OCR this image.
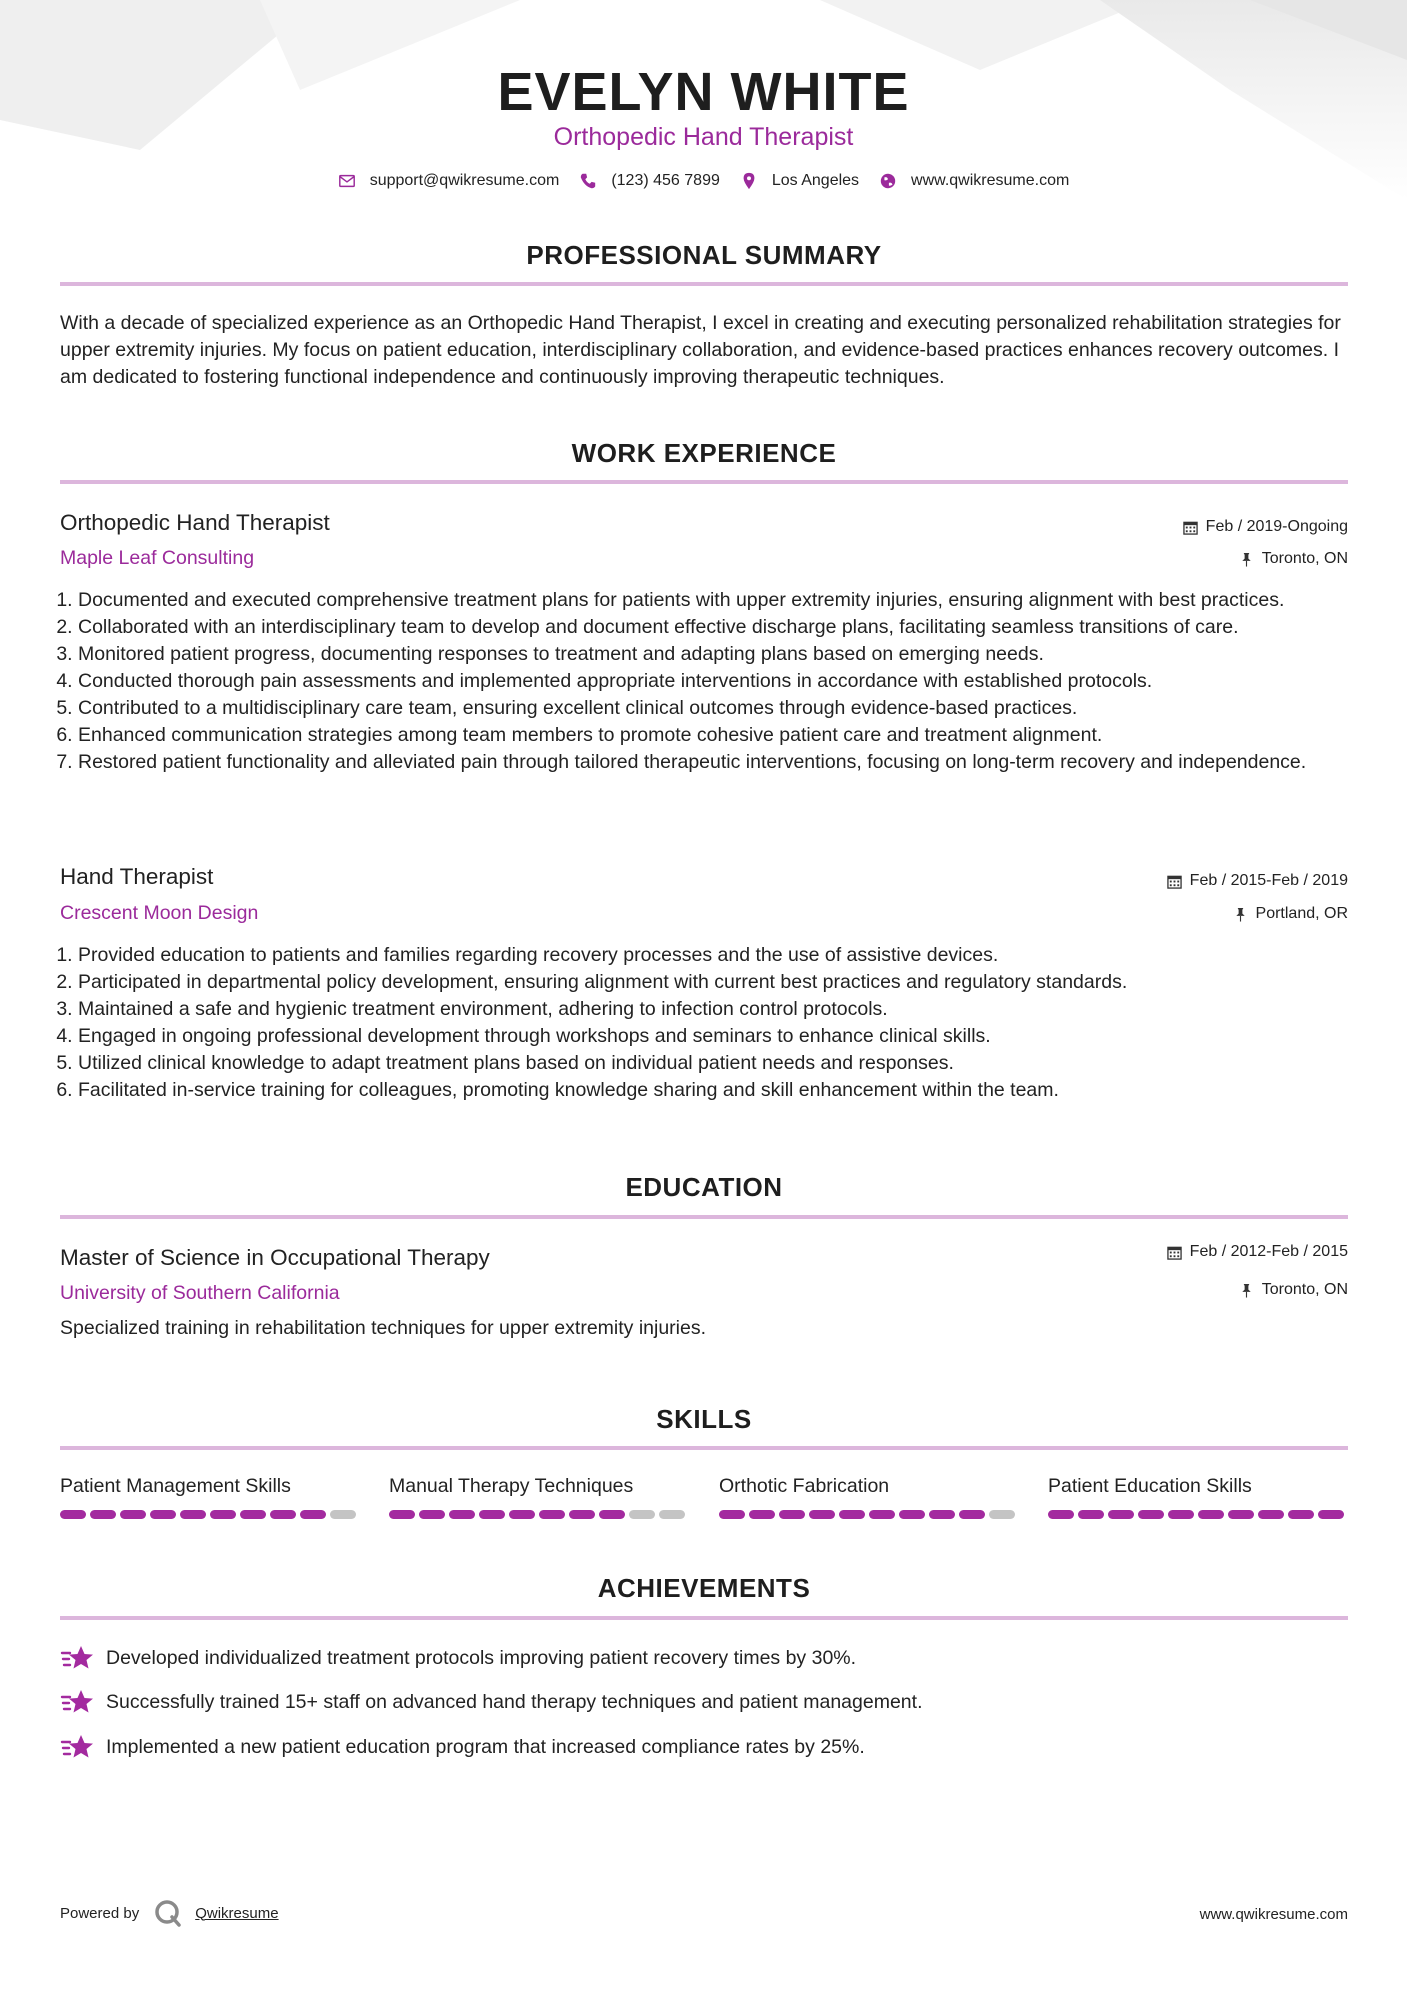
EVELYN WHITE
Orthopedic Hand Therapist
support@qwikresume.com	(123) 456 7899	Los Angeles	www.qwikresume.com
PROFESSIONAL SUMMARY
With a decade of specialized experience as an Orthopedic Hand Therapist, I excel in creating and executing personalized rehabilitation strategies for upper extremity injuries. My focus on patient education, interdisciplinary collaboration, and evidence-based practices enhances recovery outcomes. I am dedicated to fostering functional independence and continuously improving therapeutic techniques.
WORK EXPERIENCE
Orthopedic Hand Therapist
Maple Leaf Consulting
Feb / 2019-Ongoing
Toronto, ON
1. Documented and executed comprehensive treatment plans for patients with upper extremity injuries, ensuring alignment with best practices.
2. Collaborated with an interdisciplinary team to develop and document effective discharge plans, facilitating seamless transitions of care.
3. Monitored patient progress, documenting responses to treatment and adapting plans based on emerging needs.
4. Conducted thorough pain assessments and implemented appropriate interventions in accordance with established protocols.
5. Contributed to a multidisciplinary care team, ensuring excellent clinical outcomes through evidence-based practices.
6. Enhanced communication strategies among team members to promote cohesive patient care and treatment alignment.
7. Restored patient functionality and alleviated pain through tailored therapeutic interventions, focusing on long-term recovery and independence.
Hand Therapist
Crescent Moon Design
Feb / 2015-Feb / 2019
Portland, OR
1. Provided education to patients and families regarding recovery processes and the use of assistive devices.
2. Participated in departmental policy development, ensuring alignment with current best practices and regulatory standards.
3. Maintained a safe and hygienic treatment environment, adhering to infection control protocols.
4. Engaged in ongoing professional development through workshops and seminars to enhance clinical skills.
5. Utilized clinical knowledge to adapt treatment plans based on individual patient needs and responses.
6. Facilitated in-service training for colleagues, promoting knowledge sharing and skill enhancement within the team.
EDUCATION
Master of Science in Occupational Therapy
University of Southern California
Feb / 2012-Feb / 2015
Toronto, ON
Specialized training in rehabilitation techniques for upper extremity injuries.
SKILLS
Patient Management Skills	Manual Therapy Techniques	Orthotic Fabrication	Patient Education Skills
ACHIEVEMENTS
Developed individualized treatment protocols improving patient recovery times by 30%.
Successfully trained 15+ staff on advanced hand therapy techniques and patient management.
Implemented a new patient education program that increased compliance rates by 25%.
Powered by	Qwikresume	www.qwikresume.com
